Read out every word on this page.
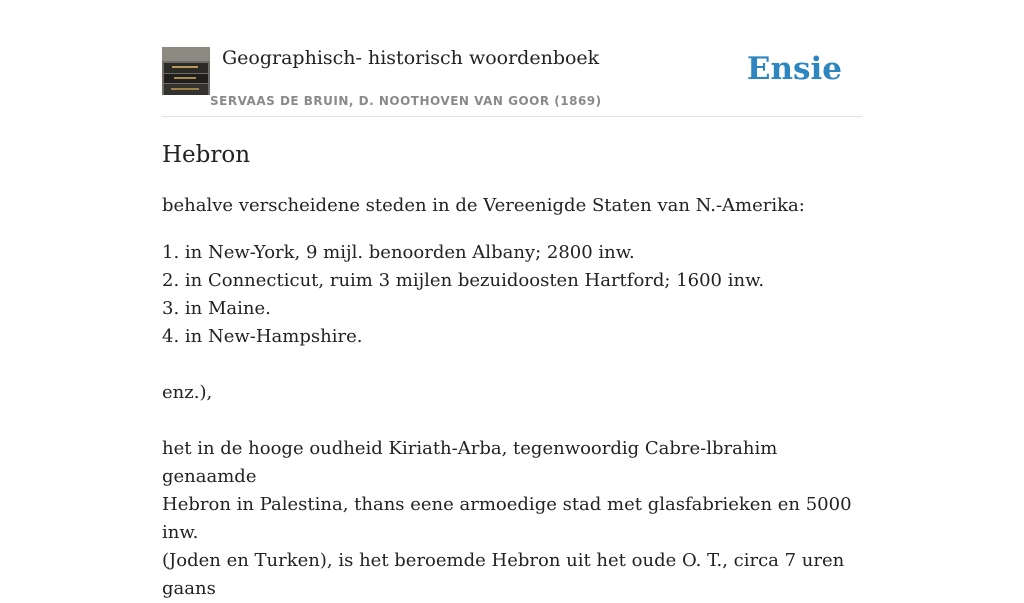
Geographisch- historisch woordenboek
SERVAAS DE BRUIN, D. NOOTHOVEN VAN GOOR (1869)
Ensie
Hebron

behalve verscheidene steden in de Vereenigde Staten van N.-Amerika:

1. in New-York, 9 mijl. benoorden Albany; 2800 inw.

2. in Connecticut, ruim 3 mijlen bezuidoosten Hartford; 1600 inw.

3. in Maine.

4. in New-Hampshire.

enz.),

het in de hooge oudheid Kiriath-Arba, tegenwoordig Cabre-lbrahim genaamde

Hebron in Palestina, thans eene armoedige stad met glasfabrieken en 5000 inw.

(Joden en Turken), is het beroemde Hebron uit het oude O. T., circa 7 uren gaans
